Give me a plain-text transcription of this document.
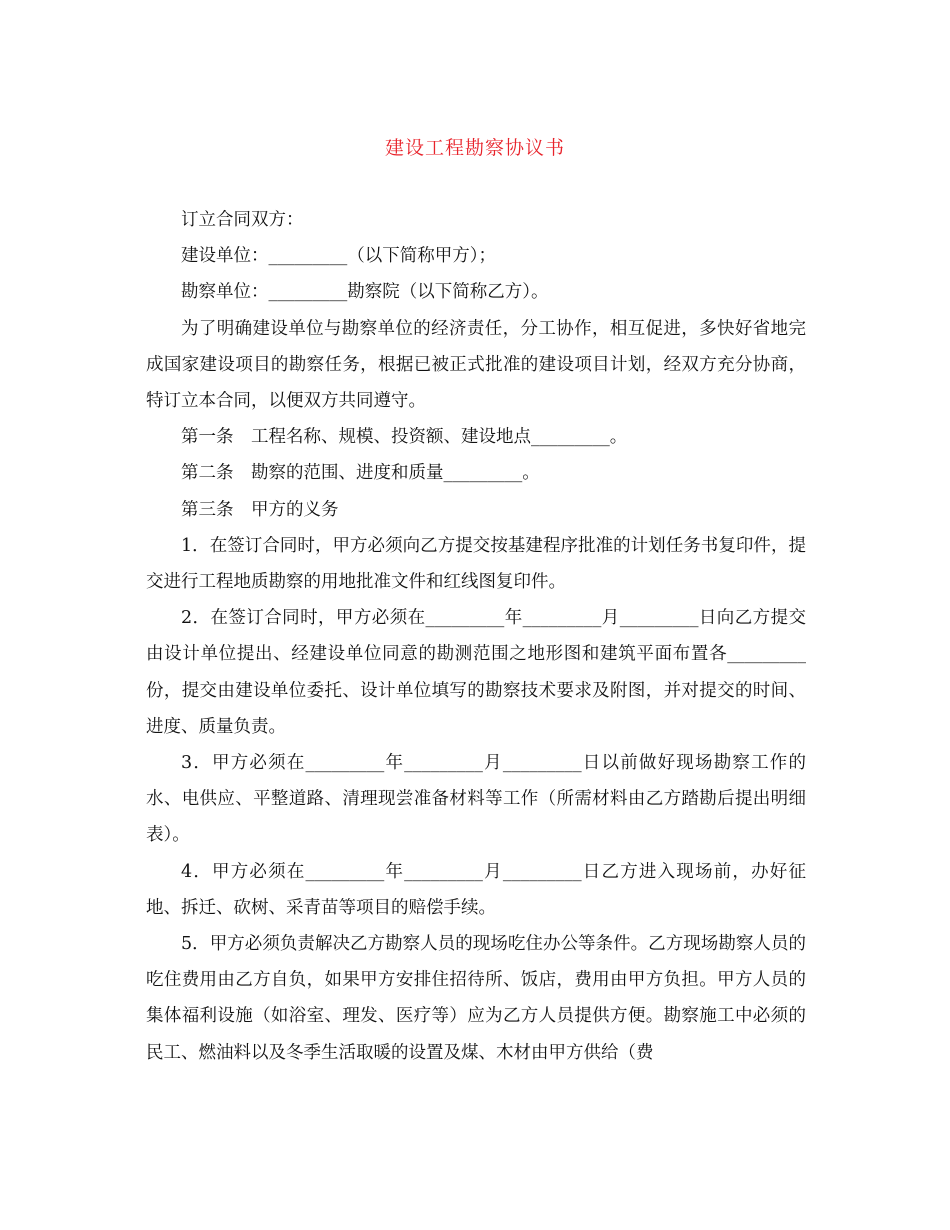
建设工程勘察协议书

订立合同双方：

建设单位：_________（以下简称甲方）；

勘察单位：_________勘察院（以下简称乙方）。

为了明确建设单位与勘察单位的经济责任，分工协作，相互促进，多快好省地完成国家建设项目的勘察任务，根据已被正式批准的建设项目计划，经双方充分协商，特订立本合同，以便双方共同遵守。

第一条　工程名称、规模、投资额、建设地点_________。

第二条　勘察的范围、进度和质量_________。

第三条　甲方的义务

1．在签订合同时，甲方必须向乙方提交按基建程序批准的计划任务书复印件，提交进行工程地质勘察的用地批准文件和红线图复印件。

2．在签订合同时，甲方必须在_________年_________月_________日向乙方提交由设计单位提出、经建设单位同意的勘测范围之地形图和建筑平面布置各_________份，提交由建设单位委托、设计单位填写的勘察技术要求及附图，并对提交的时间、进度、质量负责。

3．甲方必须在_________年_________月_________日以前做好现场勘察工作的水、电供应、平整道路、清理现尝准备材料等工作（所需材料由乙方踏勘后提出明细表）。

4．甲方必须在_________年_________月_________日乙方进入现场前，办好征地、拆迁、砍树、采青苗等项目的赔偿手续。

5．甲方必须负责解决乙方勘察人员的现场吃住办公等条件。乙方现场勘察人员的吃住费用由乙方自负，如果甲方安排住招待所、饭店，费用由甲方负担。甲方人员的集体福利设施（如浴室、理发、医疗等）应为乙方人员提供方便。勘察施工中必须的民工、燃油料以及冬季生活取暖的设置及煤、木材由甲方供给（费
